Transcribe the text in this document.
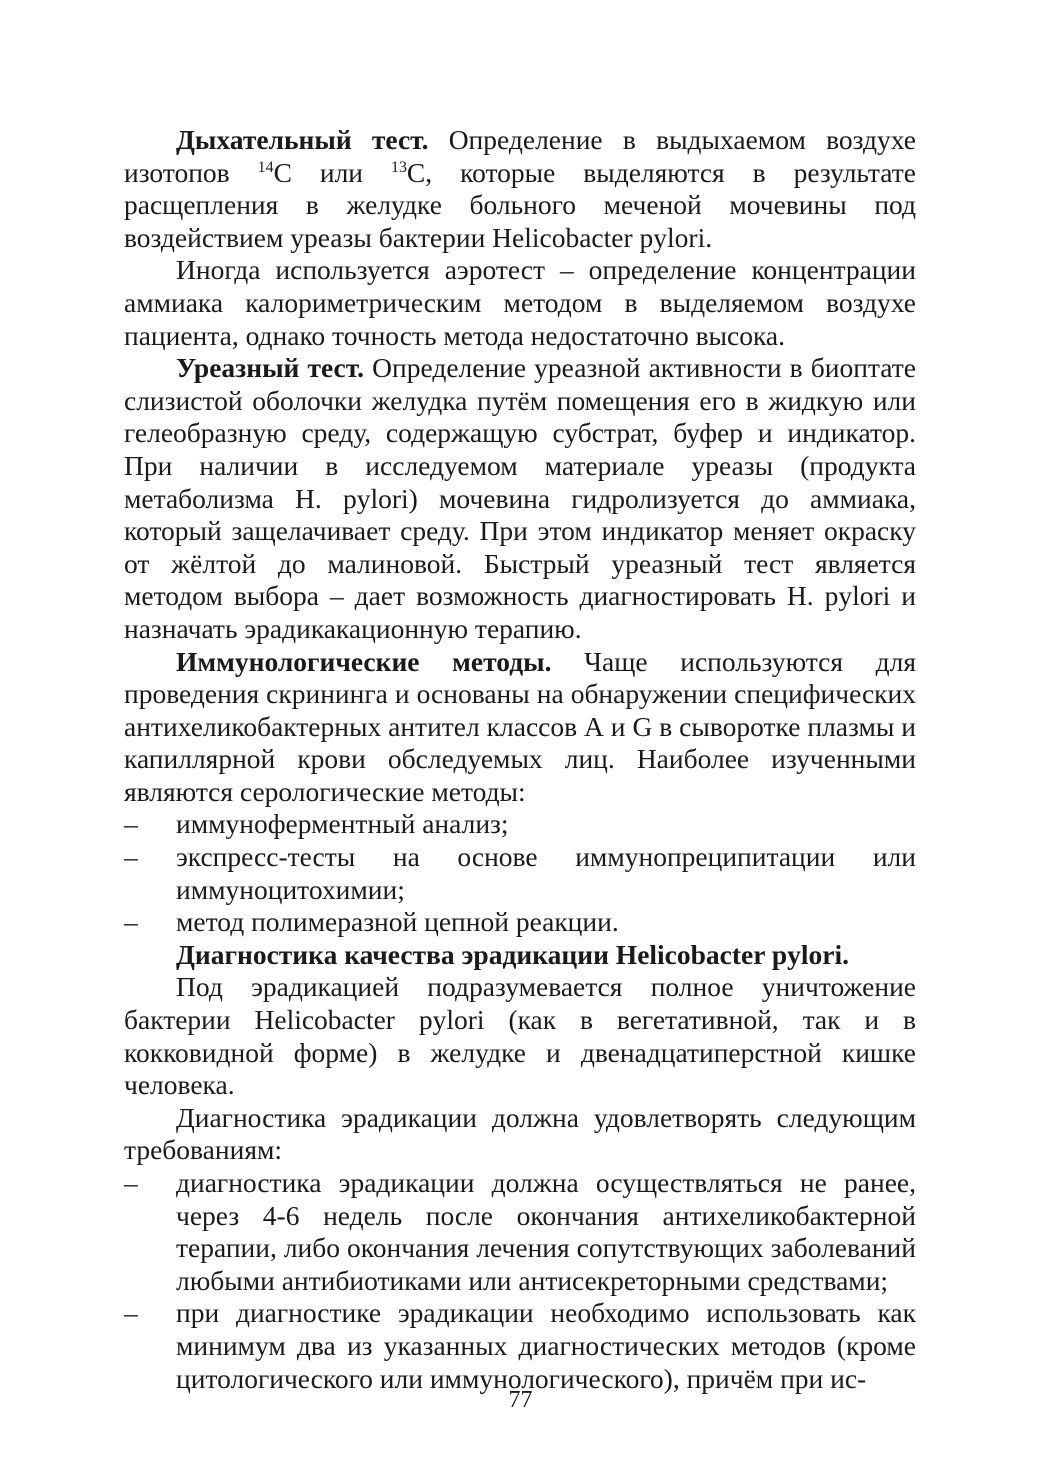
Дыхательный тест. Определение в выдыхаемом воздухе изотопов $^{14}$С или $^{13}$С, которые выделяются в результате расщепления в желудке больного меченой мочевины под воздействием уреазы бактерии Helicobacter pylori.

Иногда используется аэротест – определение концентрации аммиака калориметрическим методом в выделяемом воздухе пациента, однако точность метода недостаточно высока.

Уреазный тест. Определение уреазной активности в биоптате слизистой оболочки желудка путём помещения его в жидкую или гелеобразную среду, содержащую субстрат, буфер и индикатор. При наличии в исследуемом материале уреазы (продукта метаболизма H. pylori) мочевина гидролизуется до аммиака, который защелачивает среду. При этом индикатор меняет окраску от жёлтой до малиновой. Быстрый уреазный тест является методом выбора – дает возможность диагностировать H. pylori и назначать эрадикакационную терапию.

Иммунологические методы. Чаще используются для проведения скрининга и основаны на обнаружении специфических антихеликобактерных антител классов А и G в сыворотке плазмы и капиллярной крови обследуемых лиц. Наиболее изученными являются серологические методы:

– иммуноферментный анализ;
– экспресс-тесты на основе иммунопреципитации или иммуноцитохимии;
– метод полимеразной цепной реакции.

Диагностика качества эрадикации Helicobacter pylori.

Под эрадикацией подразумевается полное уничтожение бактерии Helicobacter pylori (как в вегетативной, так и в кокковидной форме) в желудке и двенадцатиперстной кишке человека.

Диагностика эрадикации должна удовлетворять следующим требованиям:

– диагностика эрадикации должна осуществляться не ранее, через 4-6 недель после окончания антихеликобактерной терапии, либо окончания лечения сопутствующих заболеваний любыми антибиотиками или антисекреторными средствами;
– при диагностике эрадикации необходимо использовать как минимум два из указанных диагностических методов (кроме цитологического или иммунологического), причём при ис-
77
